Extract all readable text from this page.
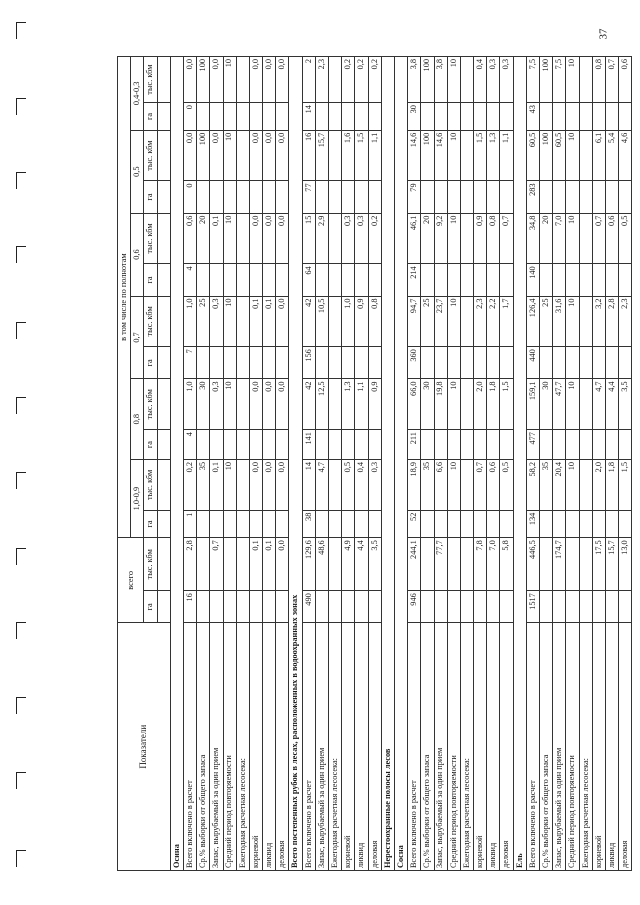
37
Показатели	всего		в том числе по полнотам											
			1,0-0,9		0,8		0,7		0,6		0,5		0,4-0,3	
	га	тыс. кбм	га	тыс. кбм	га	тыс. кбм	га	тыс. кбм	га	тыс. кбм	га	тыс. кбм	га	тыс. кбм

Осина														
Всего включено в расчет	16	2,8	1	0,2	4	1,0	7	1,0	4	0,6	0	0,0	0	0,0
Ср.% выборки от общего запаса				35		30		25		20		100		100
Запас, вырубаемый за один прием		0,7		0,1		0,3		0,3		0,1		0,0		0,0
Средний период повторяемости				10		10		10		10		10		10
Ежегодная расчетная лесосека:														
корневой		0,1		0,0		0,0		0,1		0,0		0,0		0,0
ликвид		0,1		0,0		0,0		0,1		0,0		0,0		0,0
деловая		0,0		0,0		0,0		0,0		0,0		0,0		0,0
Всего постепенных рубок в лесах, расположенных в водоохранных зонах														
Всего включено в расчет	490	129,6	38	14	141	42	156	42	64	15	77	16	14	2
Запас, вырубаемый за один прием		48,6		4,7		12,5		10,5		2,9		15,7		2,3
Ежегодная расчетная лесосека:														
корневой		4,9		0,5		1,3		1,0		0,3		1,6		0,2
ликвид		4,4		0,4		1,1		0,9		0,3		1,5		0,2
деловая		3,5		0,3		0,9		0,8		0,2		1,1		0,2
Нерестоохранные полосы лесов														
Сосна														
Всего включено в расчет	946	244,1	52	18,9	211	66,0	360	94,7	214	46,1	79	14,6	30	3,8
Ср.% выборки от общего запаса				35		30		25		20		100		100
Запас, вырубаемый за один прием		77,7		6,6		19,8		23,7		9,2		14,6		3,8
Средний период повторяемости				10		10		10		10		10		10
Ежегодная расчетная лесосека:														
корневой		7,8		0,7		2,0		2,3		0,9		1,5		0,4
ликвид		7,0		0,6		1,8		2,2		0,8		1,3		0,3
деловая		5,8		0,5		1,5		1,7		0,7		1,1		0,3
Ель														
Всего включено в расчет	1517	446,5	134	58,2	477	159,1	440	126,4	140	34,8	283	60,5	43	7,5
Ср.% выборки от общего запаса				35		30		25		20		100		100
Запас, вырубаемый за один прием		174,7		20,4		47,7		31,6		7,0		60,5		7,5
Средний период повторяемости				10		10		10		10		10		10
Ежегодная расчетная лесосека:														
корневой		17,5		2,0		4,7		3,2		0,7		6,1		0,8
ликвид		15,7		1,8		4,4		2,8		0,6		5,4		0,7
деловая		13,0		1,5		3,5		2,3		0,5		4,6		0,6
